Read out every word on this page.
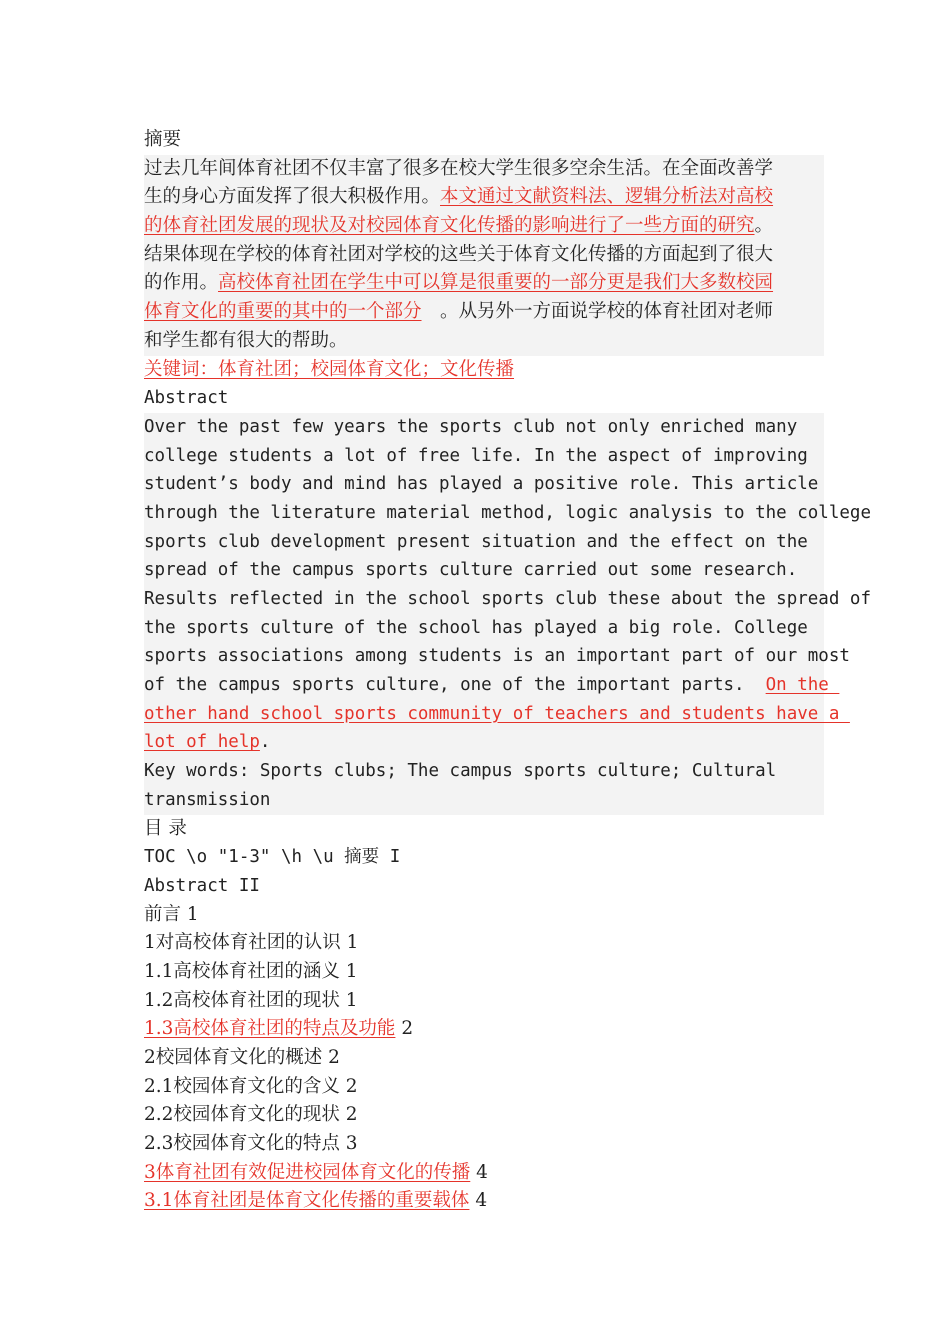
摘要
过去几年间体育社团不仅丰富了很多在校大学生很多空余生活。在全面改善学
生的身心方面发挥了很大积极作用。本文通过文献资料法、逻辑分析法对高校
的体育社团发展的现状及对校园体育文化传播的影响进行了一些方面的研究。
结果体现在学校的体育社团对学校的这些关于体育文化传播的方面起到了很大
的作用。高校体育社团在学生中可以算是很重要的一部分更是我们大多数校园
体育文化的重要的其中的一个部分　。从另外一方面说学校的体育社团对老师
和学生都有很大的帮助。
关键词：体育社团；校园体育文化；文化传播
Abstract
Over the past few years the sports club not only enriched many
college students a lot of free life. In the aspect of improving
student’s body and mind has played a positive role. This article
through the literature material method, logic analysis to the college
sports club development present situation and the effect on the
spread of the campus sports culture carried out some research.
Results reflected in the school sports club these about the spread of
the sports culture of the school has played a big role. College
sports associations among students is an important part of our most
of the campus sports culture, one of the important parts.  On the
other hand school sports community of teachers and students have a
lot of help.
Key words: Sports clubs; The campus sports culture; Cultural
transmission
目 录
TOC \o "1-3" \h \u 摘要 I
Abstract II
前言 1
1对高校体育社团的认识 1
1.1高校体育社团的涵义 1
1.2高校体育社团的现状 1
1.3高校体育社团的特点及功能 2
2校园体育文化的概述 2
2.1校园体育文化的含义 2
2.2校园体育文化的现状 2
2.3校园体育文化的特点 3
3体育社团有效促进校园体育文化的传播 4
3.1体育社团是体育文化传播的重要载体 4
